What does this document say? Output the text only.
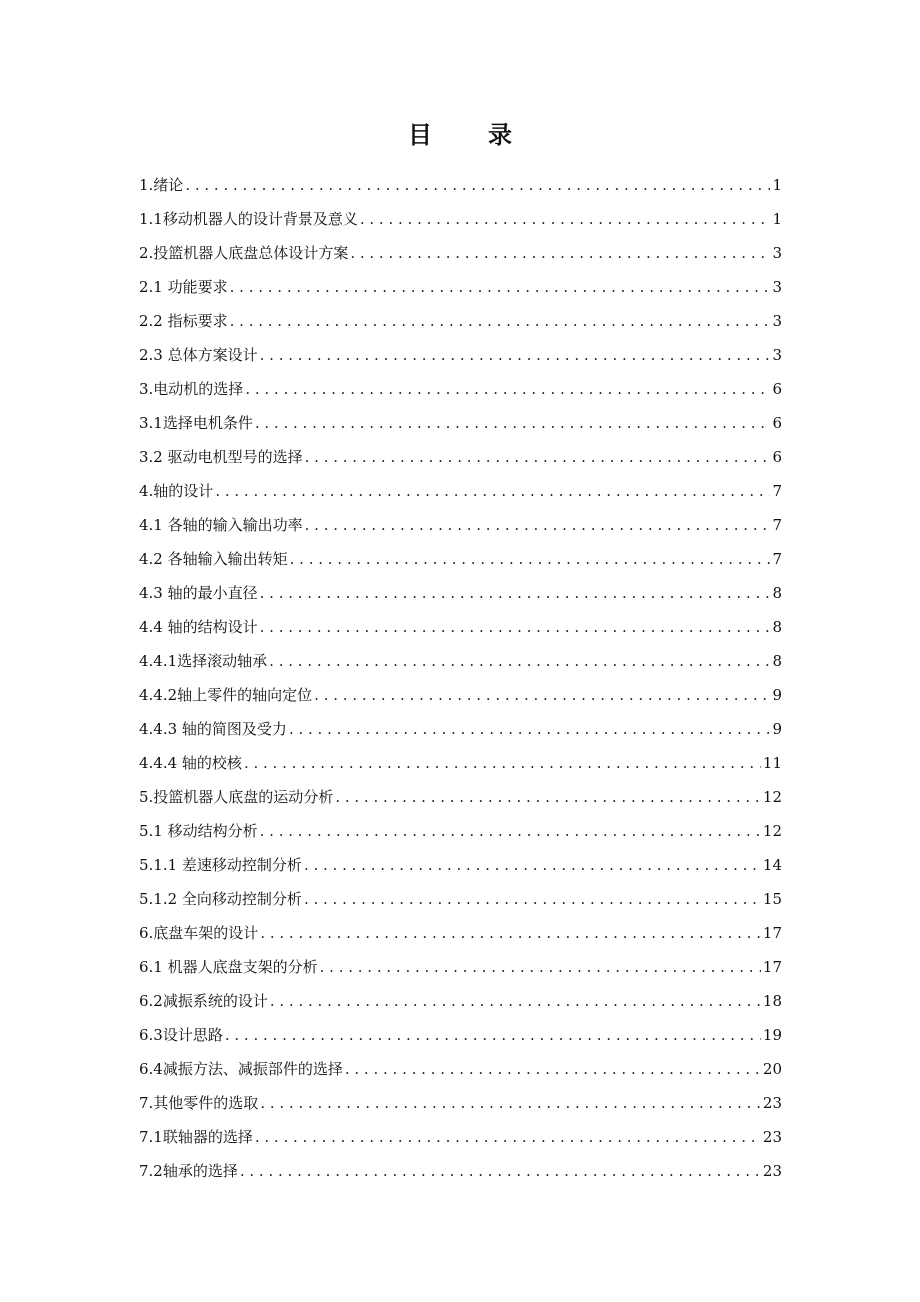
目　录
1.绪论 . . .	1
1.1移动机器人的设计背景及意义 . . .	1
2.投篮机器人底盘总体设计方案 . . .	3
2.1 功能要求 . . .	3
2.2 指标要求 . . .	3
2.3 总体方案设计 . . .	3
3.电动机的选择 . . .	6
3.1选择电机条件 . . .	6
3.2 驱动电机型号的选择 . . .	6
4.轴的设计 . . .	7
4.1 各轴的输入输出功率 . . .	7
4.2 各轴输入输出转矩 . . .	7
4.3 轴的最小直径 . . .	8
4.4 轴的结构设计 . . .	8
4.4.1选择滚动轴承 . . .	8
4.4.2轴上零件的轴向定位 . . .	9
4.4.3 轴的简图及受力 . . .	9
4.4.4 轴的校核 . . .	11
5.投篮机器人底盘的运动分析 . . .	12
5.1 移动结构分析 . . .	12
5.1.1 差速移动控制分析 . . .	14
5.1.2 全向移动控制分析 . . .	15
6.底盘车架的设计 . . .	17
6.1 机器人底盘支架的分析 . . .	17
6.2减振系统的设计 . . .	18
6.3设计思路 . . .	19
6.4减振方法、减振部件的选择 . . .	20
7.其他零件的选取 . . .	23
7.1联轴器的选择 . . .	23
7.2轴承的选择 . . .	23
